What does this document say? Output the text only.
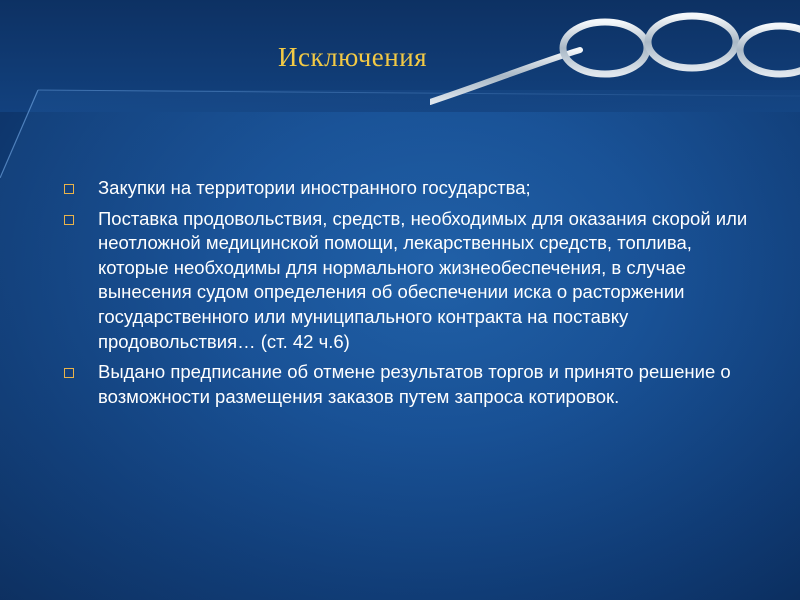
Исключения
Закупки на территории иностранного государства;
Поставка продовольствия, средств, необходимых для оказания скорой или неотложной медицинской помощи, лекарственных средств, топлива, которые необходимы для нормального жизнеобеспечения, в случае вынесения судом определения об обеспечении иска о расторжении государственного или муниципального контракта на поставку продовольствия… (ст. 42 ч.6)
Выдано предписание об отмене результатов торгов и принято решение о возможности размещения заказов путем запроса котировок.
